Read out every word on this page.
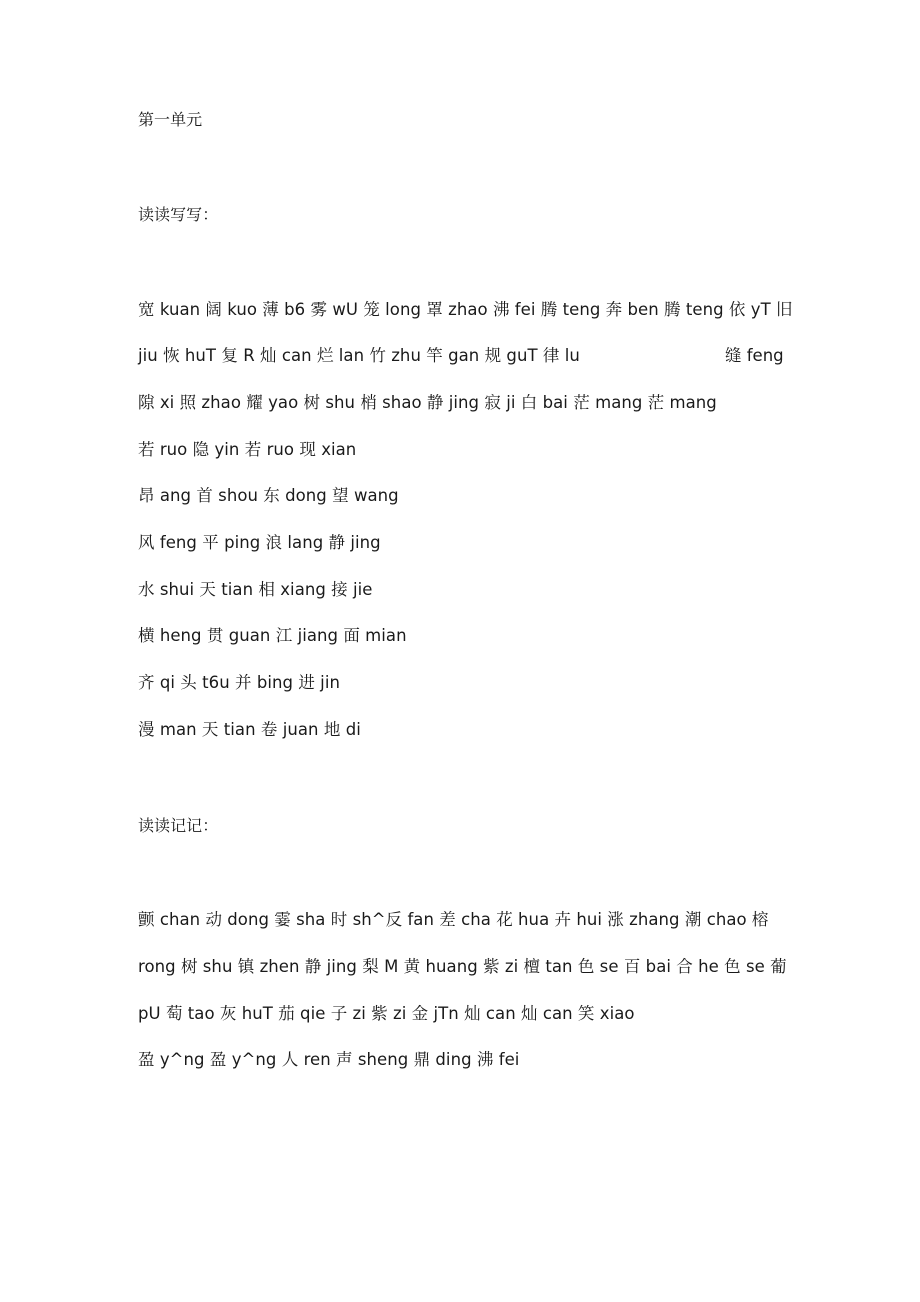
第一单元
读读写写：
宽 kuan 阔 kuo 薄 b6 雾 wU 笼 long 罩 zhao 沸 fei 腾 teng 奔 ben 腾 teng 依 yT 旧
jiu 恢 huT 复 R 灿 can 烂 lan 竹 zhu 竿 gan 规 guT 律 lu	缝 feng
隙 xi 照 zhao 耀 yao 树 shu 梢 shao 静 jing 寂 ji 白 bai 茫 mang 茫 mang
若 ruo 隐 yin 若 ruo 现 xian
昂 ang 首 shou 东 dong 望 wang
风 feng 平 ping 浪 lang 静 jing
水 shui 天 tian 相 xiang 接 jie
横 heng 贯 guan 江 jiang 面 mian
齐 qi 头 t6u 并 bing 进 jin
漫 man 天 tian 卷 juan 地 di
读读记记：
颤 chan 动 dong 霎 sha 时 sh^反 fan 差 cha 花 hua 卉 hui 涨 zhang 潮 chao 榕
rong 树 shu 镇 zhen 静 jing 梨 M 黄 huang 紫 zi 檀 tan 色 se 百 bai 合 he 色 se 葡
pU 萄 tao 灰 huT 茄 qie 子 zi 紫 zi 金 jTn 灿 can 灿 can 笑 xiao
盈 y^ng 盈 y^ng 人 ren 声 sheng 鼎 ding 沸 fei
